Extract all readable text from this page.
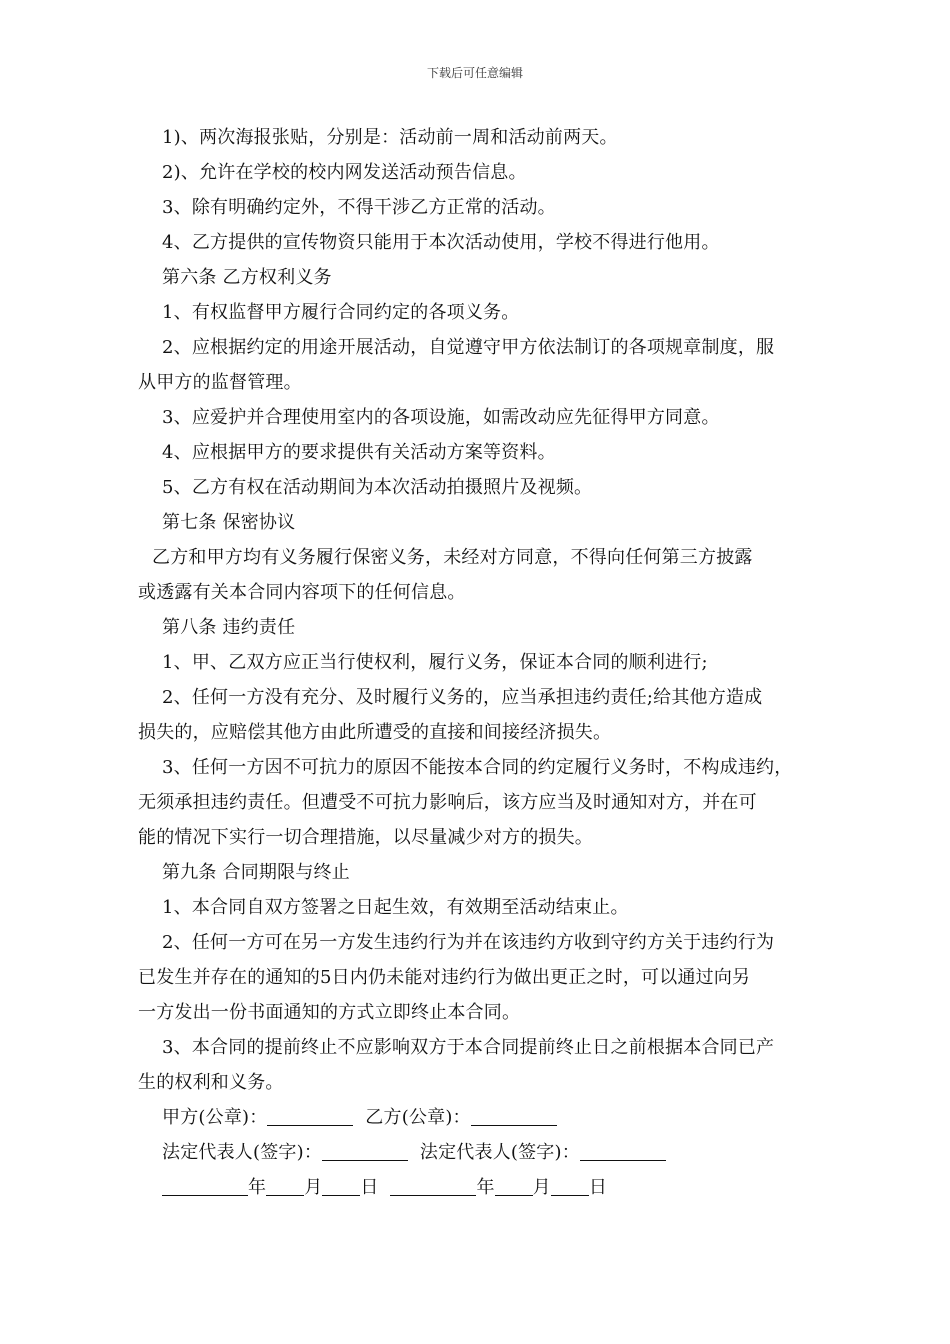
下载后可任意编辑

1)、两次海报张贴，分别是：活动前一周和活动前两天。

2)、允许在学校的校内网发送活动预告信息。

3、除有明确约定外，不得干涉乙方正常的活动。

4、乙方提供的宣传物资只能用于本次活动使用，学校不得进行他用。

第六条 乙方权利义务

1、有权监督甲方履行合同约定的各项义务。

2、应根据约定的用途开展活动，自觉遵守甲方依法制订的各项规章制度，服

从甲方的监督管理。

3、应爱护并合理使用室内的各项设施，如需改动应先征得甲方同意。

4、应根据甲方的要求提供有关活动方案等资料。

5、乙方有权在活动期间为本次活动拍摄照片及视频。

第七条 保密协议

乙方和甲方均有义务履行保密义务，未经对方同意，不得向任何第三方披露

或透露有关本合同内容项下的任何信息。

第八条 违约责任

1、甲、乙双方应正当行使权利，履行义务，保证本合同的顺利进行;

2、任何一方没有充分、及时履行义务的，应当承担违约责任;给其他方造成

损失的，应赔偿其他方由此所遭受的直接和间接经济损失。

3、任何一方因不可抗力的原因不能按本合同的约定履行义务时，不构成违约，

无须承担违约责任。但遭受不可抗力影响后，该方应当及时通知对方，并在可

能的情况下实行一切合理措施，以尽量减少对方的损失。

第九条 合同期限与终止

1、本合同自双方签署之日起生效，有效期至活动结束止。

2、任何一方可在另一方发生违约行为并在该违约方收到守约方关于违约行为

已发生并存在的通知的5日内仍未能对违约行为做出更正之时，可以通过向另

一方发出一份书面通知的方式立即终止本合同。

3、本合同的提前终止不应影响双方于本合同提前终止日之前根据本合同已产

生的权利和义务。

甲方(公章)：	乙方(公章)：

法定代表人(签字)：	法定代表人(签字)：

年 月 日	年 月 日
